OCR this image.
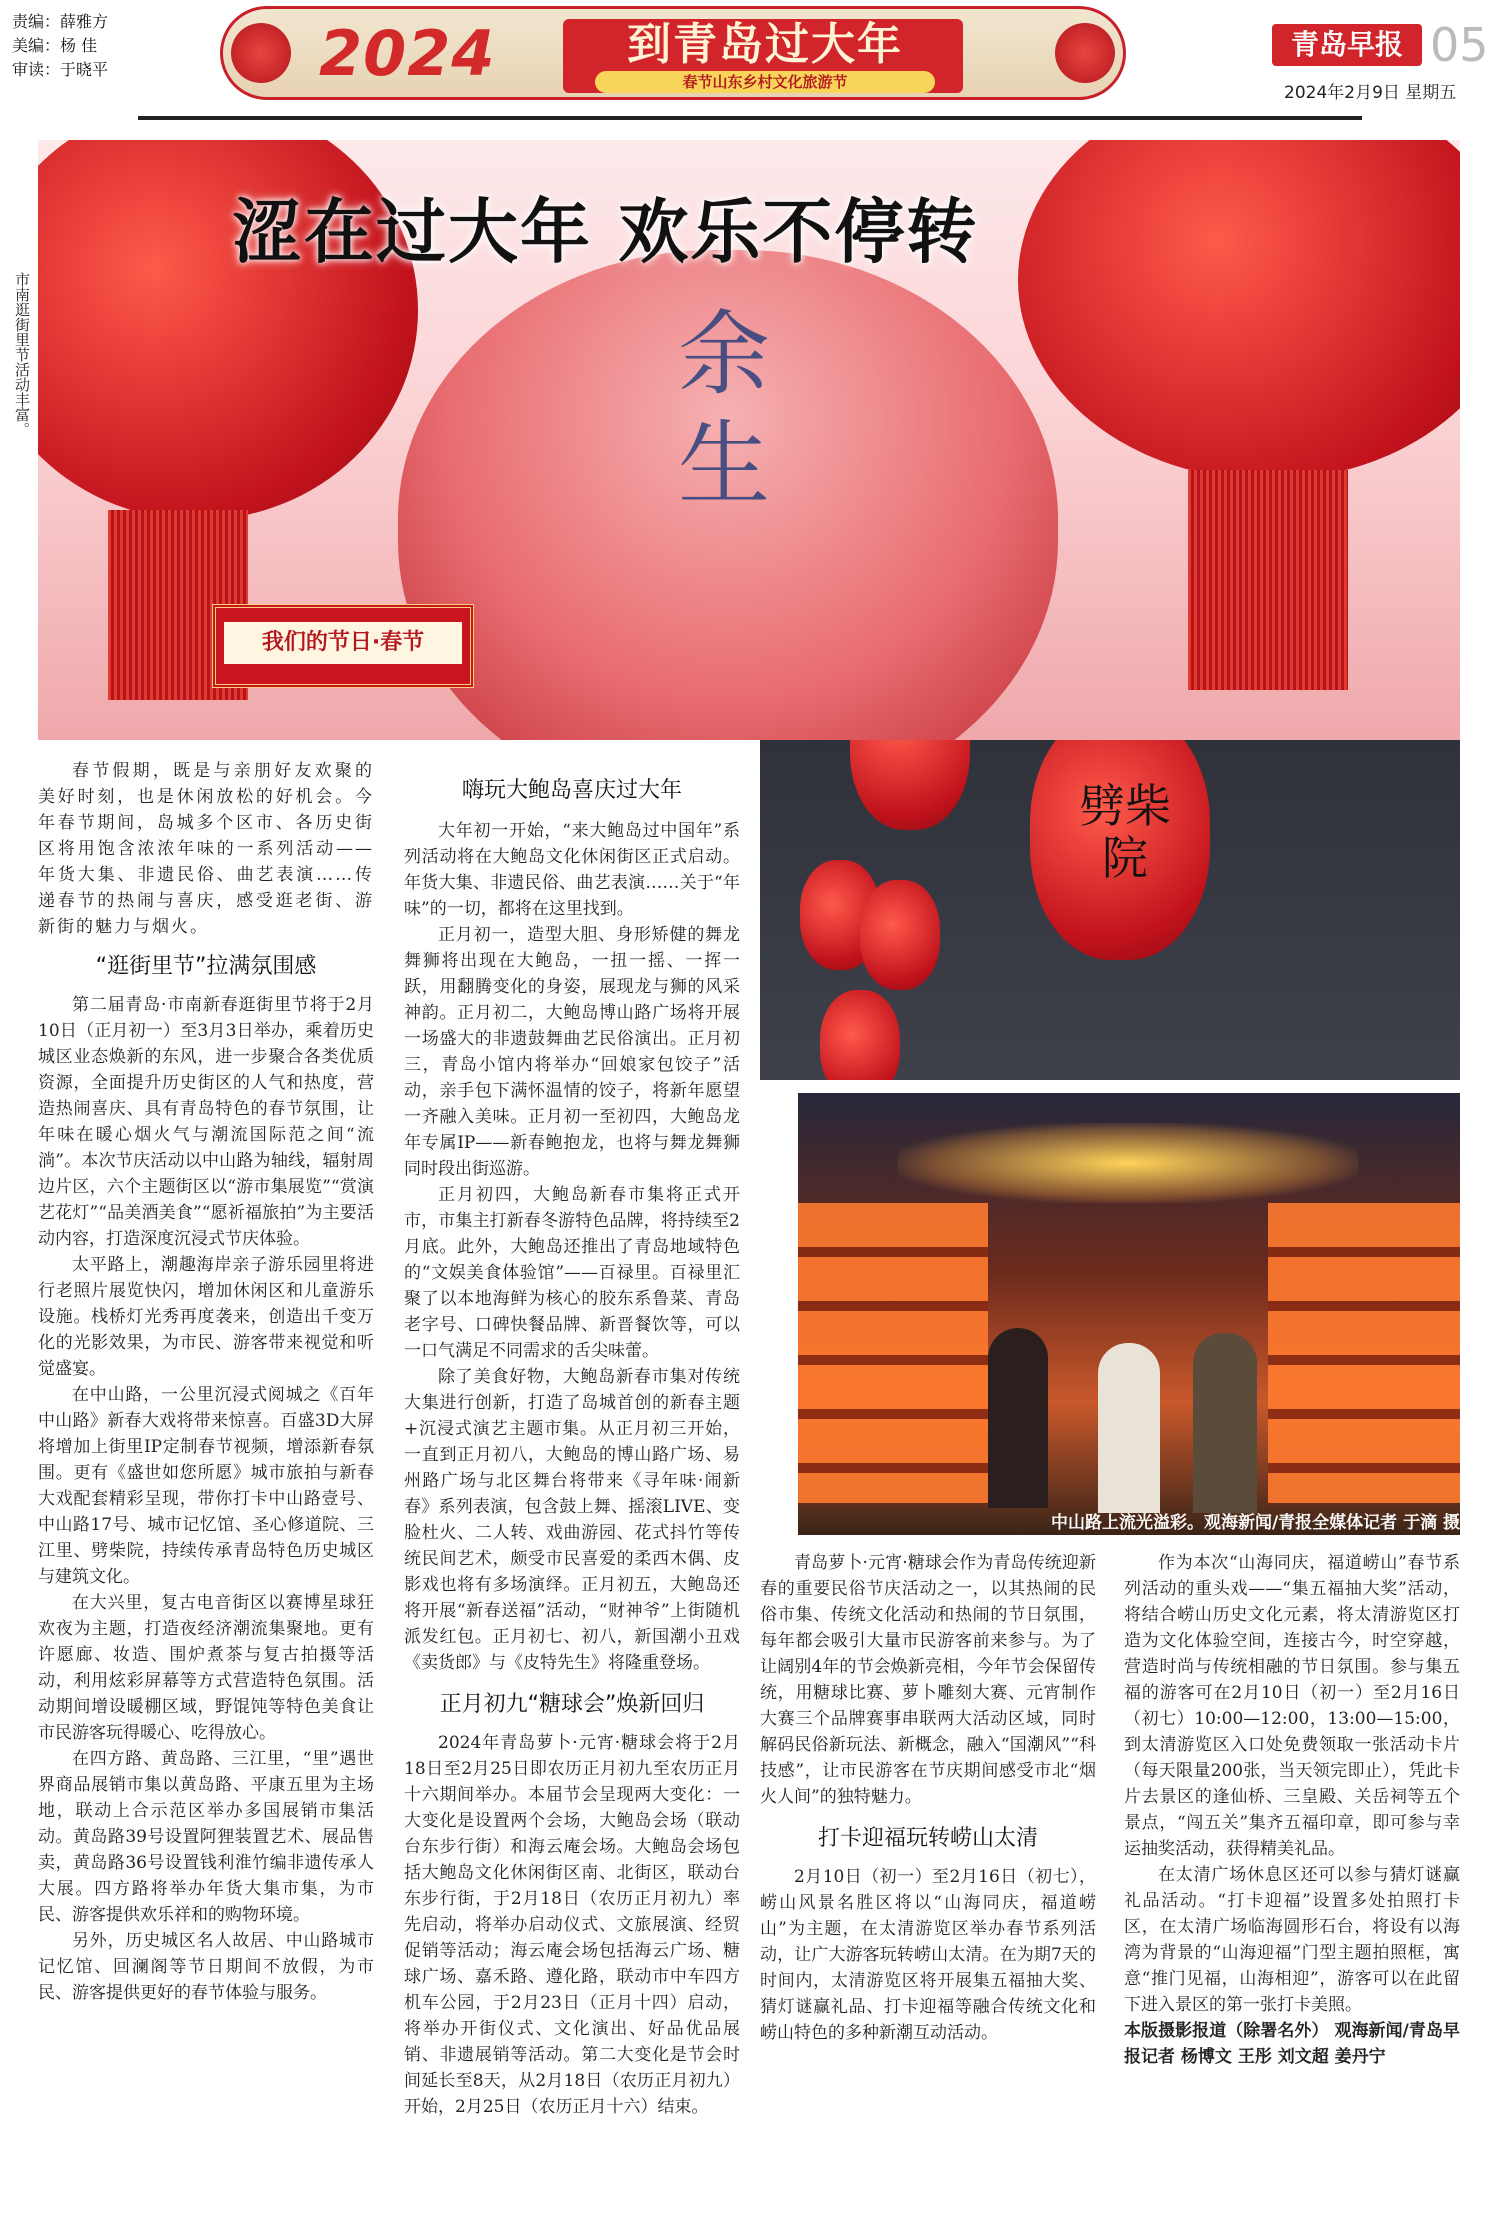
责编：薛雅方
美编：杨 佳
审读：于晓平	2024	到青岛过大年
春节山东乡村文化旅游节
青岛早报 05
2024年2月9日 星期五
余生
涩在过大年 欢乐不停转
市南逛街里节活动丰富。
我们的节日·春节
劈柴院
中山路上流光溢彩。观海新闻/青报全媒体记者 于滴 摄

春节假期，既是与亲朋好友欢聚的美好时刻，也是休闲放松的好机会。今年春节期间，岛城多个区市、各历史街区将用饱含浓浓年味的一系列活动——年货大集、非遗民俗、曲艺表演……传递春节的热闹与喜庆，感受逛老街、游新街的魅力与烟火。

“逛街里节”拉满氛围感

第二届青岛·市南新春逛街里节将于2月10日（正月初一）至3月3日举办，乘着历史城区业态焕新的东风，进一步聚合各类优质资源，全面提升历史街区的人气和热度，营造热闹喜庆、具有青岛特色的春节氛围，让年味在暖心烟火气与潮流国际范之间“流淌”。本次节庆活动以中山路为轴线，辐射周边片区，六个主题街区以“游市集展览”“赏演艺花灯”“品美酒美食”“愿祈福旅拍”为主要活动内容，打造深度沉浸式节庆体验。

太平路上，潮趣海岸亲子游乐园里将进行老照片展览快闪，增加休闲区和儿童游乐设施。栈桥灯光秀再度袭来，创造出千变万化的光影效果，为市民、游客带来视觉和听觉盛宴。

在中山路，一公里沉浸式阅城之《百年中山路》新春大戏将带来惊喜。百盛3D大屏将增加上街里IP定制春节视频，增添新春氛围。更有《盛世如您所愿》城市旅拍与新春大戏配套精彩呈现，带你打卡中山路壹号、中山路17号、城市记忆馆、圣心修道院、三江里、劈柴院，持续传承青岛特色历史城区与建筑文化。

在大兴里，复古电音街区以赛博星球狂欢夜为主题，打造夜经济潮流集聚地。更有许愿廊、妆造、围炉煮茶与复古拍摄等活动，利用炫彩屏幕等方式营造特色氛围。活动期间增设暖棚区域，野馄饨等特色美食让市民游客玩得暖心、吃得放心。

在四方路、黄岛路、三江里，“里”遇世界商品展销市集以黄岛路、平康五里为主场地，联动上合示范区举办多国展销市集活动。黄岛路39号设置阿狸装置艺术、展品售卖，黄岛路36号设置钱利淮竹编非遗传承人大展。四方路将举办年货大集市集，为市民、游客提供欢乐祥和的购物环境。

另外，历史城区名人故居、中山路城市记忆馆、回澜阁等节日期间不放假，为市民、游客提供更好的春节体验与服务。

嗨玩大鲍岛喜庆过大年

大年初一开始，“来大鲍岛过中国年”系列活动将在大鲍岛文化休闲街区正式启动。年货大集、非遗民俗、曲艺表演……关于“年味”的一切，都将在这里找到。

正月初一，造型大胆、身形矫健的舞龙舞狮将出现在大鲍岛，一扭一摇、一挥一跃，用翻腾变化的身姿，展现龙与狮的风采神韵。正月初二，大鲍岛博山路广场将开展一场盛大的非遗鼓舞曲艺民俗演出。正月初三，青岛小馆内将举办“回娘家包饺子”活动，亲手包下满怀温情的饺子，将新年愿望一齐融入美味。正月初一至初四，大鲍岛龙年专属IP——新春鲍抱龙，也将与舞龙舞狮同时段出街巡游。

正月初四，大鲍岛新春市集将正式开市，市集主打新春冬游特色品牌，将持续至2月底。此外，大鲍岛还推出了青岛地域特色的“文娱美食体验馆”——百禄里。百禄里汇聚了以本地海鲜为核心的胶东系鲁菜、青岛老字号、口碑快餐品牌、新晋餐饮等，可以一口气满足不同需求的舌尖味蕾。

除了美食好物，大鲍岛新春市集对传统大集进行创新，打造了岛城首创的新春主题+沉浸式演艺主题市集。从正月初三开始，一直到正月初八，大鲍岛的博山路广场、易州路广场与北区舞台将带来《寻年味·闹新春》系列表演，包含鼓上舞、摇滚LIVE、变脸杜火、二人转、戏曲游园、花式抖竹等传统民间艺术，颇受市民喜爱的柔西木偶、皮影戏也将有多场演绎。正月初五，大鲍岛还将开展“新春送福”活动，“财神爷”上街随机派发红包。正月初七、初八，新国潮小丑戏《卖货郎》与《皮特先生》将隆重登场。

正月初九“糖球会”焕新回归

2024年青岛萝卜·元宵·糖球会将于2月18日至2月25日即农历正月初九至农历正月十六期间举办。本届节会呈现两大变化：一大变化是设置两个会场，大鲍岛会场（联动台东步行街）和海云庵会场。大鲍岛会场包括大鲍岛文化休闲街区南、北街区，联动台东步行街，于2月18日（农历正月初九）率先启动，将举办启动仪式、文旅展演、经贸促销等活动；海云庵会场包括海云广场、糖球广场、嘉禾路、遵化路，联动市中车四方机车公园，于2月23日（正月十四）启动，将举办开街仪式、文化演出、好品优品展销、非遗展销等活动。第二大变化是节会时间延长至8天，从2月18日（农历正月初九）开始，2月25日（农历正月十六）结束。

青岛萝卜·元宵·糖球会作为青岛传统迎新春的重要民俗节庆活动之一，以其热闹的民俗市集、传统文化活动和热闹的节日氛围，每年都会吸引大量市民游客前来参与。为了让阔别4年的节会焕新亮相，今年节会保留传统，用糖球比赛、萝卜雕刻大赛、元宵制作大赛三个品牌赛事串联两大活动区域，同时解码民俗新玩法、新概念，融入“国潮风”“科技感”，让市民游客在节庆期间感受市北“烟火人间”的独特魅力。

打卡迎福玩转崂山太清

2月10日（初一）至2月16日（初七），崂山风景名胜区将以“山海同庆，福道崂山”为主题，在太清游览区举办春节系列活动，让广大游客玩转崂山太清。在为期7天的时间内，太清游览区将开展集五福抽大奖、猜灯谜赢礼品、打卡迎福等融合传统文化和崂山特色的多种新潮互动活动。

作为本次“山海同庆，福道崂山”春节系列活动的重头戏——“集五福抽大奖”活动，将结合崂山历史文化元素，将太清游览区打造为文化体验空间，连接古今，时空穿越，营造时尚与传统相融的节日氛围。参与集五福的游客可在2月10日（初一）至2月16日（初七）10:00—12:00，13:00—15:00，到太清游览区入口处免费领取一张活动卡片（每天限量200张，当天领完即止），凭此卡片去景区的逢仙桥、三皇殿、关岳祠等五个景点，“闯五关”集齐五福印章，即可参与幸运抽奖活动，获得精美礼品。

在太清广场休息区还可以参与猜灯谜赢礼品活动。“打卡迎福”设置多处拍照打卡区，在太清广场临海圆形石台，将设有以海湾为背景的“山海迎福”门型主题拍照框，寓意“推门见福，山海相迎”，游客可以在此留下进入景区的第一张打卡美照。

本版摄影报道（除署名外） 观海新闻/青岛早报记者 杨博文 王彤 刘文超 姜丹宁
